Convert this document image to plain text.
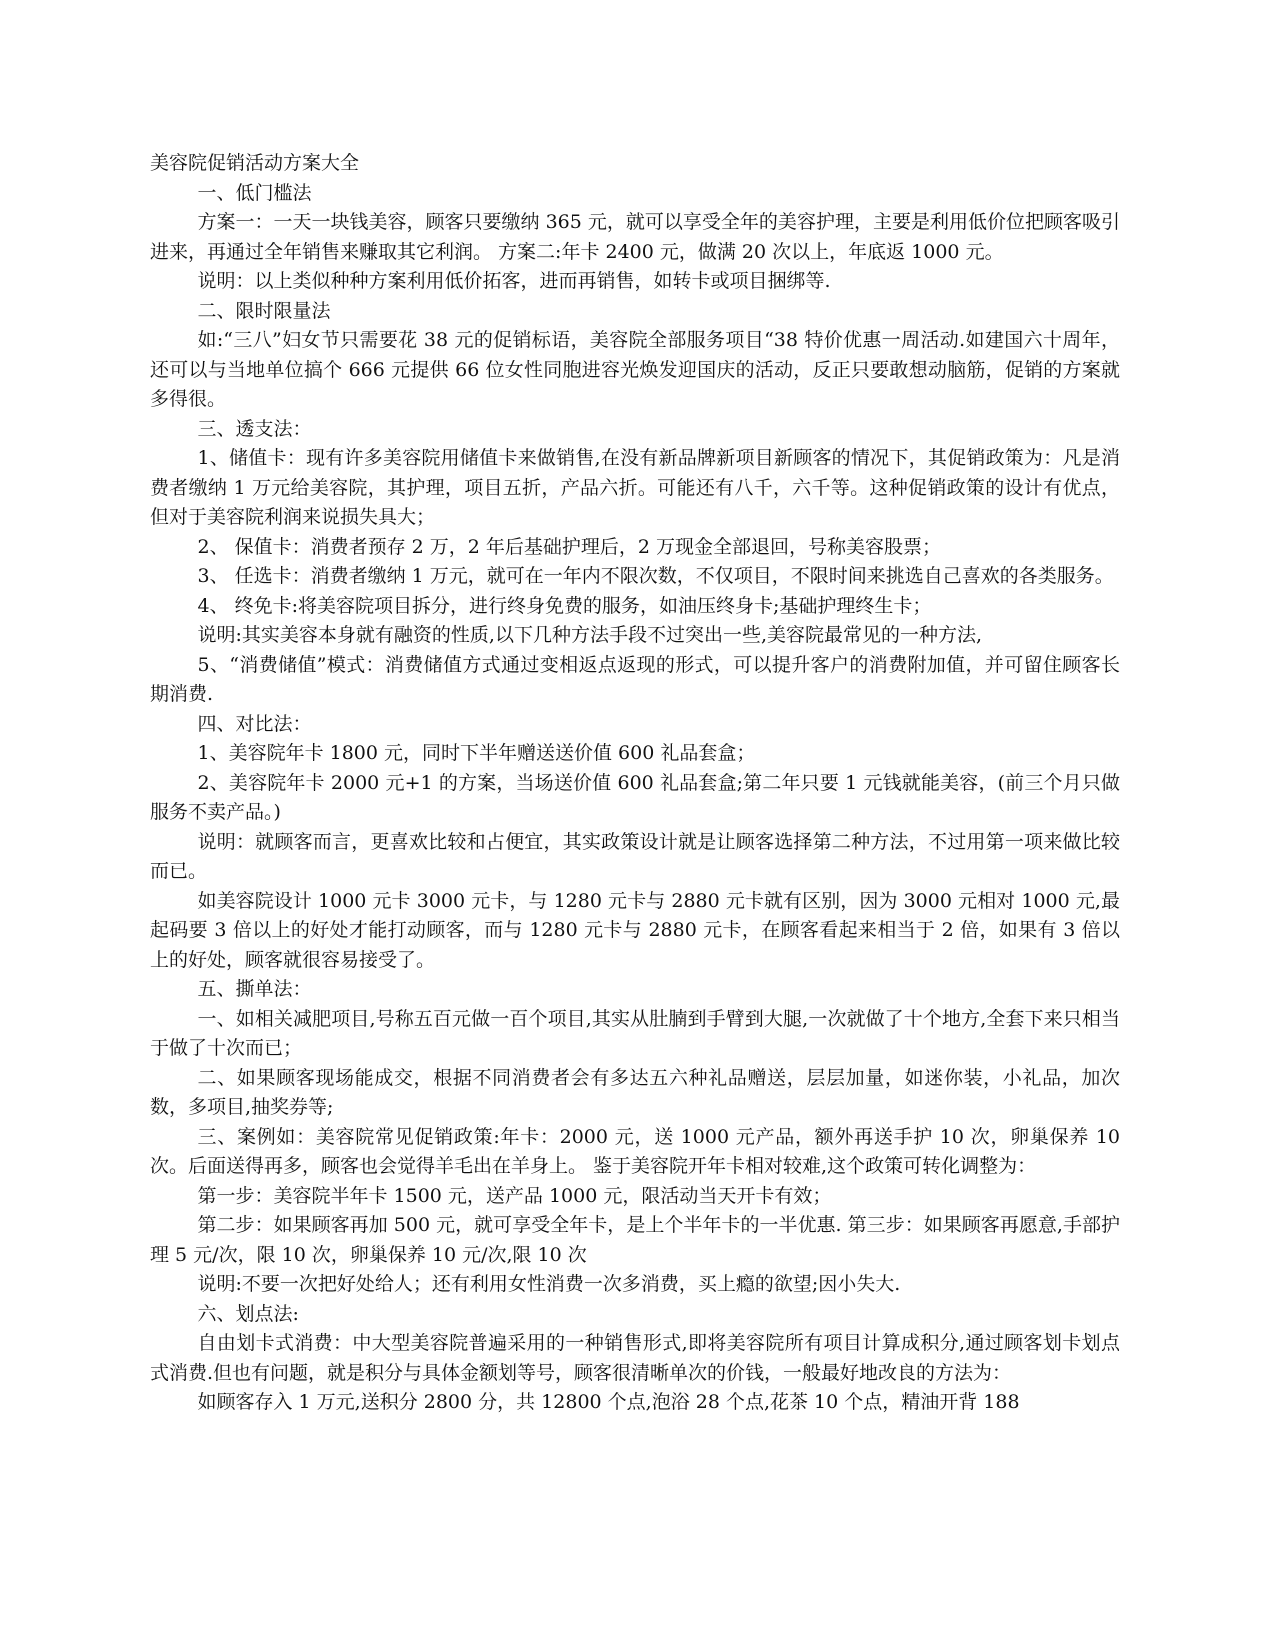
美容院促销活动方案大全

一、低门槛法

方案一：一天一块钱美容，顾客只要缴纳 365 元，就可以享受全年的美容护理，主要是利用低价位把顾客吸引进来，再通过全年销售来赚取其它利润。 方案二:年卡 2400 元，做满 20 次以上，年底返 1000 元。

说明：以上类似种种方案利用低价拓客，进而再销售，如转卡或项目捆绑等.

二、限时限量法

如:“三八”妇女节只需要花 38 元的促销标语，美容院全部服务项目“38 特价优惠一周活动.如建国六十周年，还可以与当地单位搞个 666 元提供 66 位女性同胞进容光焕发迎国庆的活动，反正只要敢想动脑筋，促销的方案就多得很。

三、透支法：

1、储值卡：现有许多美容院用储值卡来做销售,在没有新品牌新项目新顾客的情况下，其促销政策为：凡是消费者缴纳 1 万元给美容院，其护理，项目五折，产品六折。可能还有八千，六千等。这种促销政策的设计有优点，但对于美容院利润来说损失具大；

2、 保值卡：消费者预存 2 万，2 年后基础护理后，2 万现金全部退回，号称美容股票；

3、 任选卡：消费者缴纳 1 万元，就可在一年内不限次数，不仅项目，不限时间来挑选自己喜欢的各类服务。

4、 终免卡:将美容院项目拆分，进行终身免费的服务，如油压终身卡;基础护理终生卡；

说明:其实美容本身就有融资的性质,以下几种方法手段不过突出一些,美容院最常见的一种方法,

5、“消费储值”模式：消费储值方式通过变相返点返现的形式，可以提升客户的消费附加值，并可留住顾客长期消费.

四、对比法：

1、美容院年卡 1800 元，同时下半年赠送送价值 600 礼品套盒；

2、美容院年卡 2000 元+1 的方案，当场送价值 600 礼品套盒;第二年只要 1 元钱就能美容，(前三个月只做服务不卖产品。)

说明：就顾客而言，更喜欢比较和占便宜，其实政策设计就是让顾客选择第二种方法，不过用第一项来做比较而已。

如美容院设计 1000 元卡 3000 元卡，与 1280 元卡与 2880 元卡就有区别，因为 3000 元相对 1000 元,最起码要 3 倍以上的好处才能打动顾客，而与 1280 元卡与 2880 元卡，在顾客看起来相当于 2 倍，如果有 3 倍以上的好处，顾客就很容易接受了。

五、撕单法：

一、如相关减肥项目,号称五百元做一百个项目,其实从肚腩到手臂到大腿,一次就做了十个地方,全套下来只相当于做了十次而已；

二、如果顾客现场能成交，根据不同消费者会有多达五六种礼品赠送，层层加量，如迷你装，小礼品，加次数，多项目,抽奖券等;

三、案例如：美容院常见促销政策:年卡：2000 元，送 1000 元产品，额外再送手护 10 次，卵巢保养 10 次。后面送得再多，顾客也会觉得羊毛出在羊身上。 鉴于美容院开年卡相对较难,这个政策可转化调整为：

第一步：美容院半年卡 1500 元，送产品 1000 元，限活动当天开卡有效；

第二步：如果顾客再加 500 元，就可享受全年卡，是上个半年卡的一半优惠. 第三步：如果顾客再愿意,手部护理 5 元/次，限 10 次，卵巢保养 10 元/次,限 10 次

说明:不要一次把好处给人；还有利用女性消费一次多消费，买上瘾的欲望;因小失大.

六、划点法:

自由划卡式消费：中大型美容院普遍采用的一种销售形式,即将美容院所有项目计算成积分,通过顾客划卡划点式消费.但也有问题，就是积分与具体金额划等号，顾客很清晰单次的价钱，一般最好地改良的方法为：

如顾客存入 1 万元,送积分 2800 分，共 12800 个点,泡浴 28 个点,花茶 10 个点，精油开背 188
